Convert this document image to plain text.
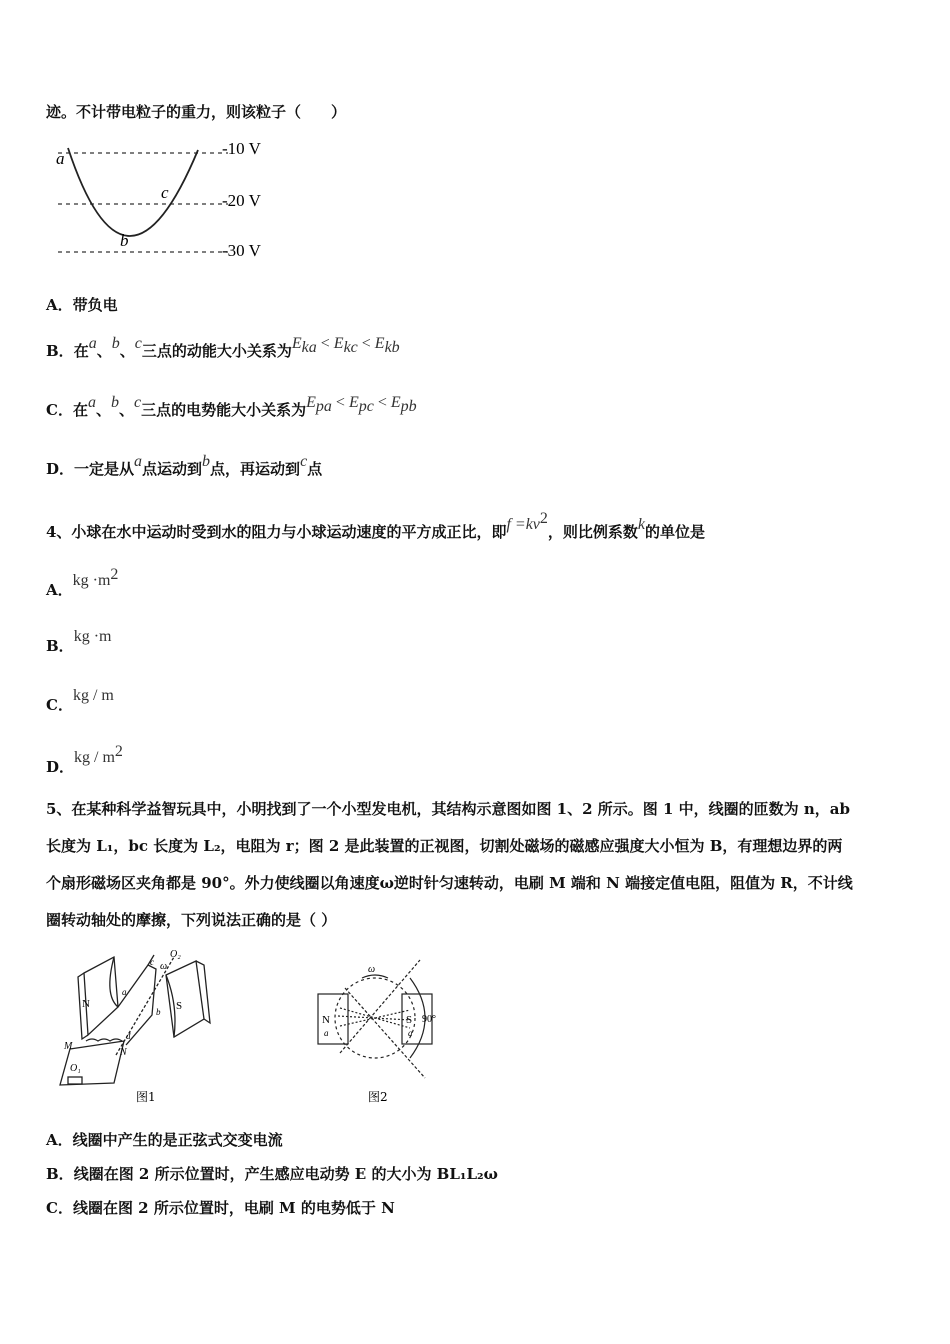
迹。不计带电粒子的重力，则该粒子（　　）
a
c
b
-10 V
-20 V
-30 V
A．带负电
B．在a、b、c三点的动能大小关系为$E_{ka} < E_{kc} < E_{kb}$
C．在a、b、c三点的电势能大小关系为$E_{pa} < E_{pc} < E_{pb}$
D．一定是从a点运动到b点，再运动到c点
4、小球在水中运动时受到水的阻力与小球运动速度的平方成正比，即$f =kv^2$，则比例系数k的单位是
A．kg $\cdot m^2$
B．kg ·m
C．kg / m
D．kg / $m^2$
5、在某种科学益智玩具中，小明找到了一个小型发电机，其结构示意图如图 1、2 所示。图 1 中，线圈的匝数为 n，ab
长度为 L₁，bc 长度为 L₂，电阻为 r；图 2 是此装置的正视图，切割处磁场的磁感应强度大小恒为 B，有理想边界的两
个扇形磁场区夹角都是 90°。外力使线圈以角速度ω逆时针匀速转动，电刷 M 端和 N 端接定值电阻，阻值为 R，不计线
圈转动轴处的摩擦，下列说法正确的是（ ）
N	S
M
N
O₁
O₂
ω
a
b
c
d
图1
N	S
ω
90°
a	a
图2
A．线圈中产生的是正弦式交变电流
B．线圈在图 2 所示位置时，产生感应电动势 E 的大小为 BL₁L₂ω
C．线圈在图 2 所示位置时，电刷 M 的电势低于 N
